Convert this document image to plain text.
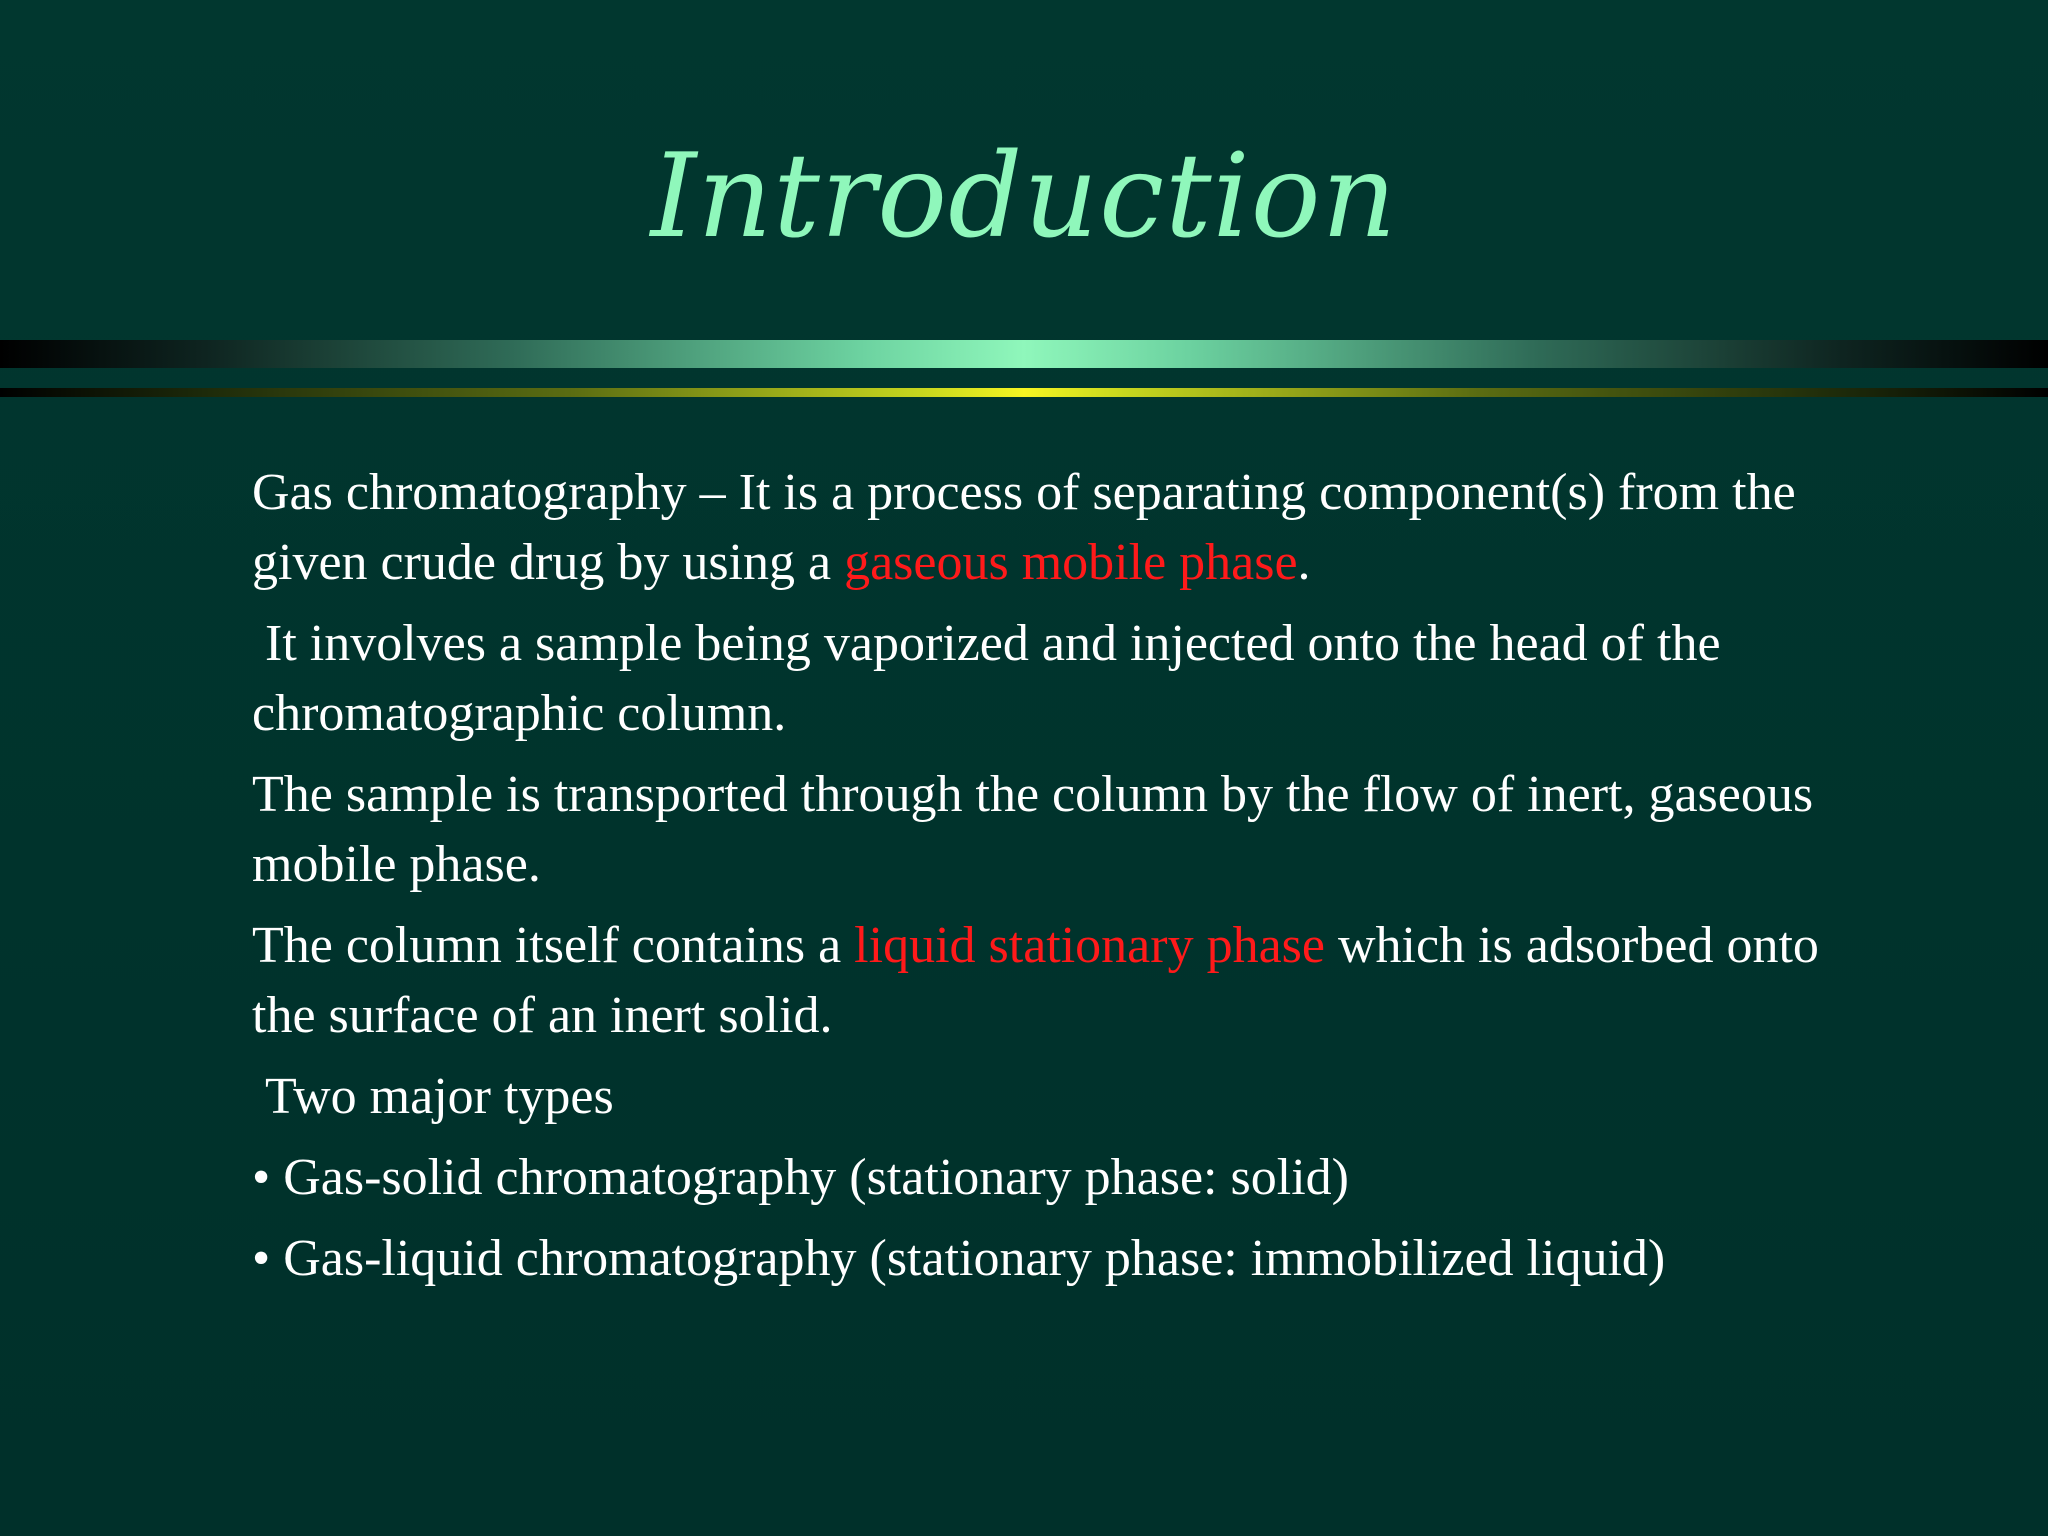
Introduction

Gas chromatography – It is a process of separating component(s) from the given crude drug by using a gaseous mobile phase.

It involves a sample being vaporized and injected onto the head of the chromatographic column.

The sample is transported through the column by the flow of inert, gaseous mobile phase.

The column itself contains a liquid stationary phase which is adsorbed onto the surface of an inert solid.

Two major types

• Gas-solid chromatography (stationary phase: solid)

• Gas-liquid chromatography (stationary phase: immobilized liquid)
